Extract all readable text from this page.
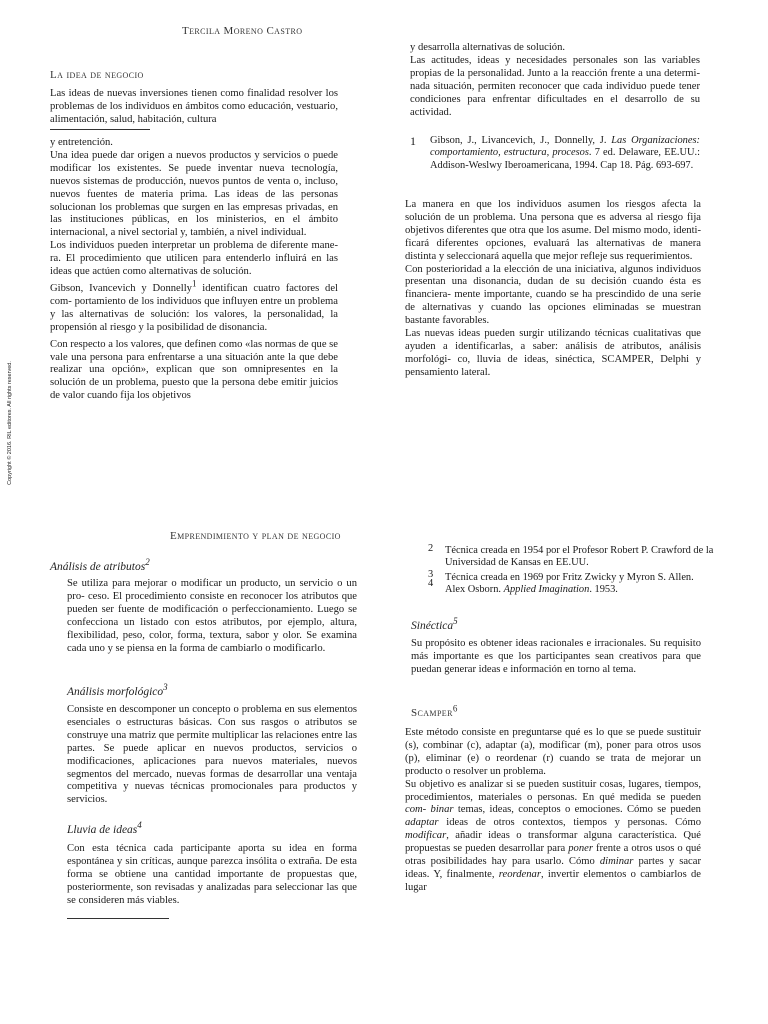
Tercila Moreno Castro
La idea de negocio

Las ideas de nuevas inversiones tienen como finalidad resolver los problemas de los individuos en ámbitos como educación, vestuario, alimentación, salud, habitación, cultura

y entretención.

Una idea puede dar origen a nuevos productos y servicios o puede modificar los existentes. Se puede inventar nueva tecnología, nuevos sistemas de producción, nuevos puntos de venta o, incluso, nuevos fuentes de materia prima. Las ideas de las personas solucionan los problemas que surgen en las empresas privadas, en las instituciones públicas, en los ministerios, en el ámbito internacional, a nivel sectorial y, también, a nivel individual.

Los individuos pueden interpretar un problema de diferente mane- ra. El procedimiento que utilicen para entenderlo influirá en las ideas que actúen como alternativas de solución.

Gibson, Ivancevich y Donnelly$^1$ identifican cuatro factores del com- portamiento de los individuos que influyen entre un problema y las alternativas de solución: los valores, la personalidad, la propensión al riesgo y la posibilidad de disonancia.

Con respecto a los valores, que definen como «las normas de que se vale una persona para enfrentarse a una situación ante la que debe realizar una opción», explican que son omnipresentes en la solución de un problema, puesto que la persona debe emitir juicios de valor cuando fija los objetivos

y desarrolla alternativas de solución.

Las actitudes, ideas y necesidades personales son las variables propias de la personalidad. Junto a la reacción frente a una determi- nada situación, permiten reconocer que cada individuo puede tener condiciones para enfrentar dificultades en el desarrollo de su actividad.

1 Gibson, J., Livancevich, J., Donnelly, J. Las Organizaciones: comportamiento, estructura, procesos. 7 ed. Delaware, EE.UU.: Addison-Weslwy Iberoamericana, 1994. Cap 18. Pág. 693-697.

La manera en que los individuos asumen los riesgos afecta la solución de un problema. Una persona que es adversa al riesgo fija objetivos diferentes que otra que los asume. Del mismo modo, identi- ficará diferentes opciones, evaluará las alternativas de manera distinta y seleccionará aquella que mejor refleje sus requerimientos.

Con posterioridad a la elección de una iniciativa, algunos individuos presentan una disonancia, dudan de su decisión cuando ésta es financiera- mente importante, cuando se ha prescindido de una serie de alternativas y cuando las opciones eliminadas se muestran bastante favorables.

Las nuevas ideas pueden surgir utilizando técnicas cualitativas que ayuden a identificarlas, a saber: análisis de atributos, análisis morfológi- co, lluvia de ideas, sinéctica, SCAMPER, Delphi y pensamiento lateral.

Copyright © 2016. RIL editores. All rights reserved.
Emprendimiento y plan de negocio
Análisis de atributos$^2$
Se utiliza para mejorar o modificar un producto, un servicio o un pro- ceso. El procedimiento consiste en reconocer los atributos que pueden ser fuente de modificación o perfeccionamiento. Luego se confecciona un listado con estos atributos, por ejemplo, altura, flexibilidad, peso, color, forma, textura, sabor y olor. Se examina cada uno y se piensa en la forma de cambiarlo o modificarlo.
Análisis morfológico$^3$
Consiste en descomponer un concepto o problema en sus elementos esenciales o estructuras básicas. Con sus rasgos o atributos se construye una matriz que permite multiplicar las relaciones entre las partes. Se puede aplicar en nuevos productos, servicios o modificaciones, aplicaciones para nuevos materiales, nuevos segmentos del mercado, nuevas formas de desarrollar una ventaja competitiva y nuevas técnicas promocionales para productos y servicios.
Lluvia de ideas$^4$
Con esta técnica cada participante aporta su idea en forma espontánea y sin críticas, aunque parezca insólita o extraña. De esta forma se obtiene una cantidad importante de propuestas que, posteriormente, son revisadas y analizadas para seleccionar las que se consideren más viables.
2 Técnica creada en 1954 por el Profesor Robert P. Crawford de la Universidad de Kansas en EE.UU.
3 Técnica creada en 1969 por Fritz Zwicky y Myron S. Allen.
4
Alex Osborn. Applied Imagination. 1953.
Sinéctica$^5$
Su propósito es obtener ideas racionales e irracionales. Su requisito más importante es que los participantes sean creativos para que puedan generar ideas e información en torno al tema.
Scamper$^6$

Este método consiste en preguntarse qué es lo que se puede sustituir (s), combinar (c), adaptar (a), modificar (m), poner para otros usos (p), eliminar (e) o reordenar (r) cuando se trata de mejorar un producto o resolver un problema.

Su objetivo es analizar si se pueden sustituir cosas, lugares, tiempos, procedimientos, materiales o personas. En qué medida se pueden com- binar temas, ideas, conceptos o emociones. Cómo se pueden adaptar ideas de otros contextos, tiempos y personas. Cómo modificar, añadir ideas o transformar alguna característica. Qué propuestas se pueden desarrollar para poner frente a otros usos o qué otras posibilidades hay para usarlo. Cómo diminar partes y sacar ideas. Y, finalmente, reordenar, invertir elementos o cambiarlos de lugar
